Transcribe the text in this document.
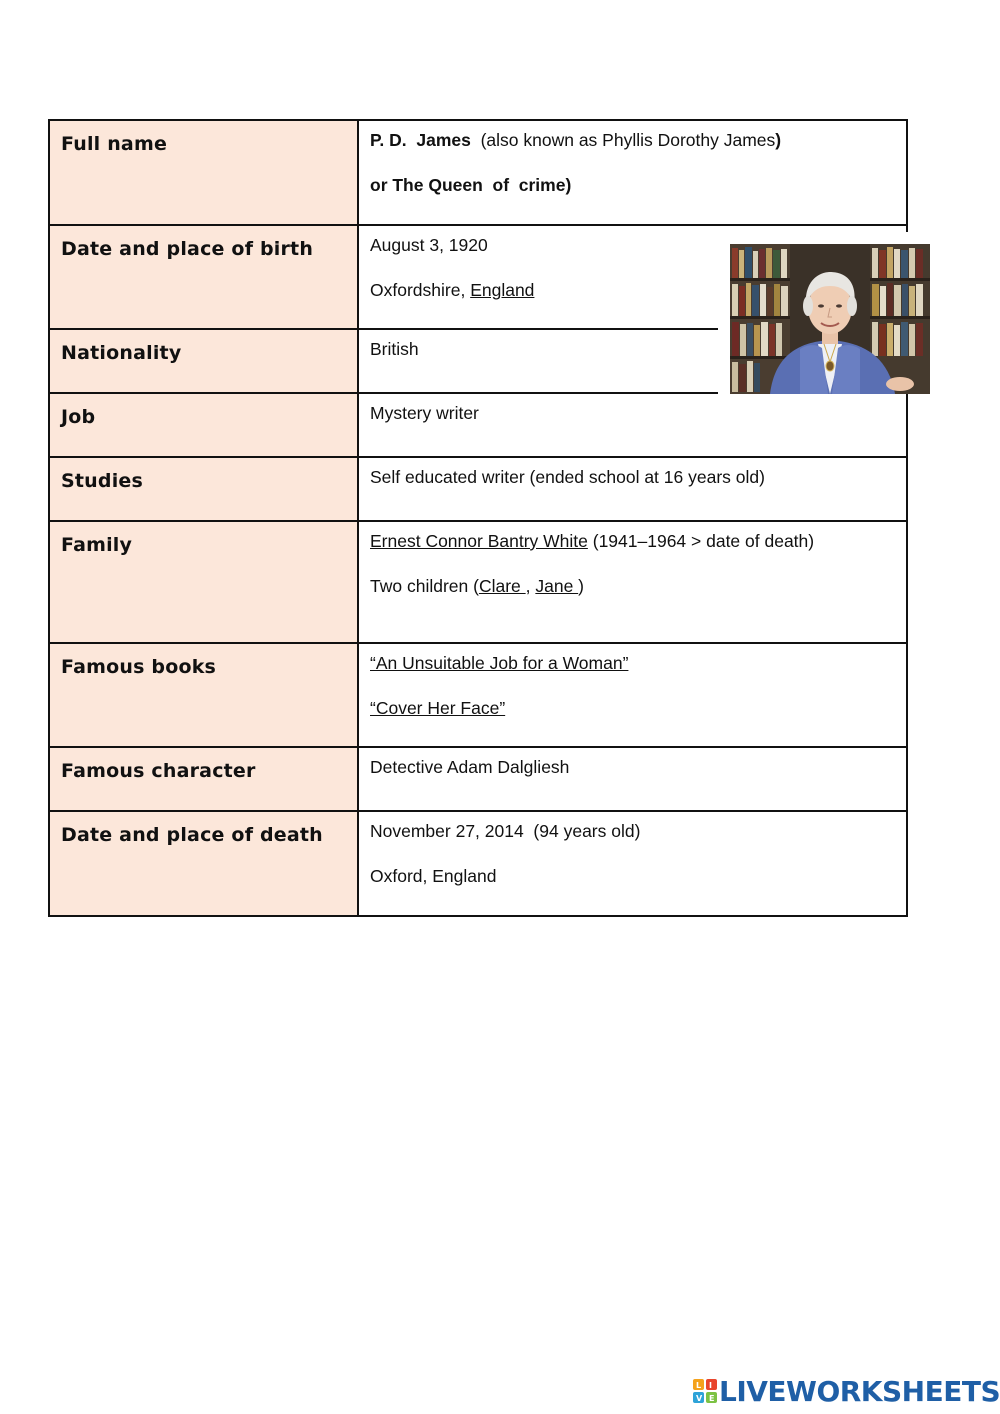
Full name	P. D.  James  (also known as Phyllis Dorothy James)
or The Queen  of  crime)

Date and place of birth	August 3, 1920
Oxfordshire, England

Nationality	British

Job	Mystery writer

Studies	Self educated writer (ended school at 16 years old)

Family	Ernest Connor Bantry White (1941–1964 > date of death)
Two children (Clare , Jane )

Famous books	“An Unsuitable Job for a Woman”
“Cover Her Face”

Famous character	Detective Adam Dalgliesh

Date and place of death	November 27, 2014  (94 years old)
Oxford, England
L I
V E LIVEWORKSHEETS
